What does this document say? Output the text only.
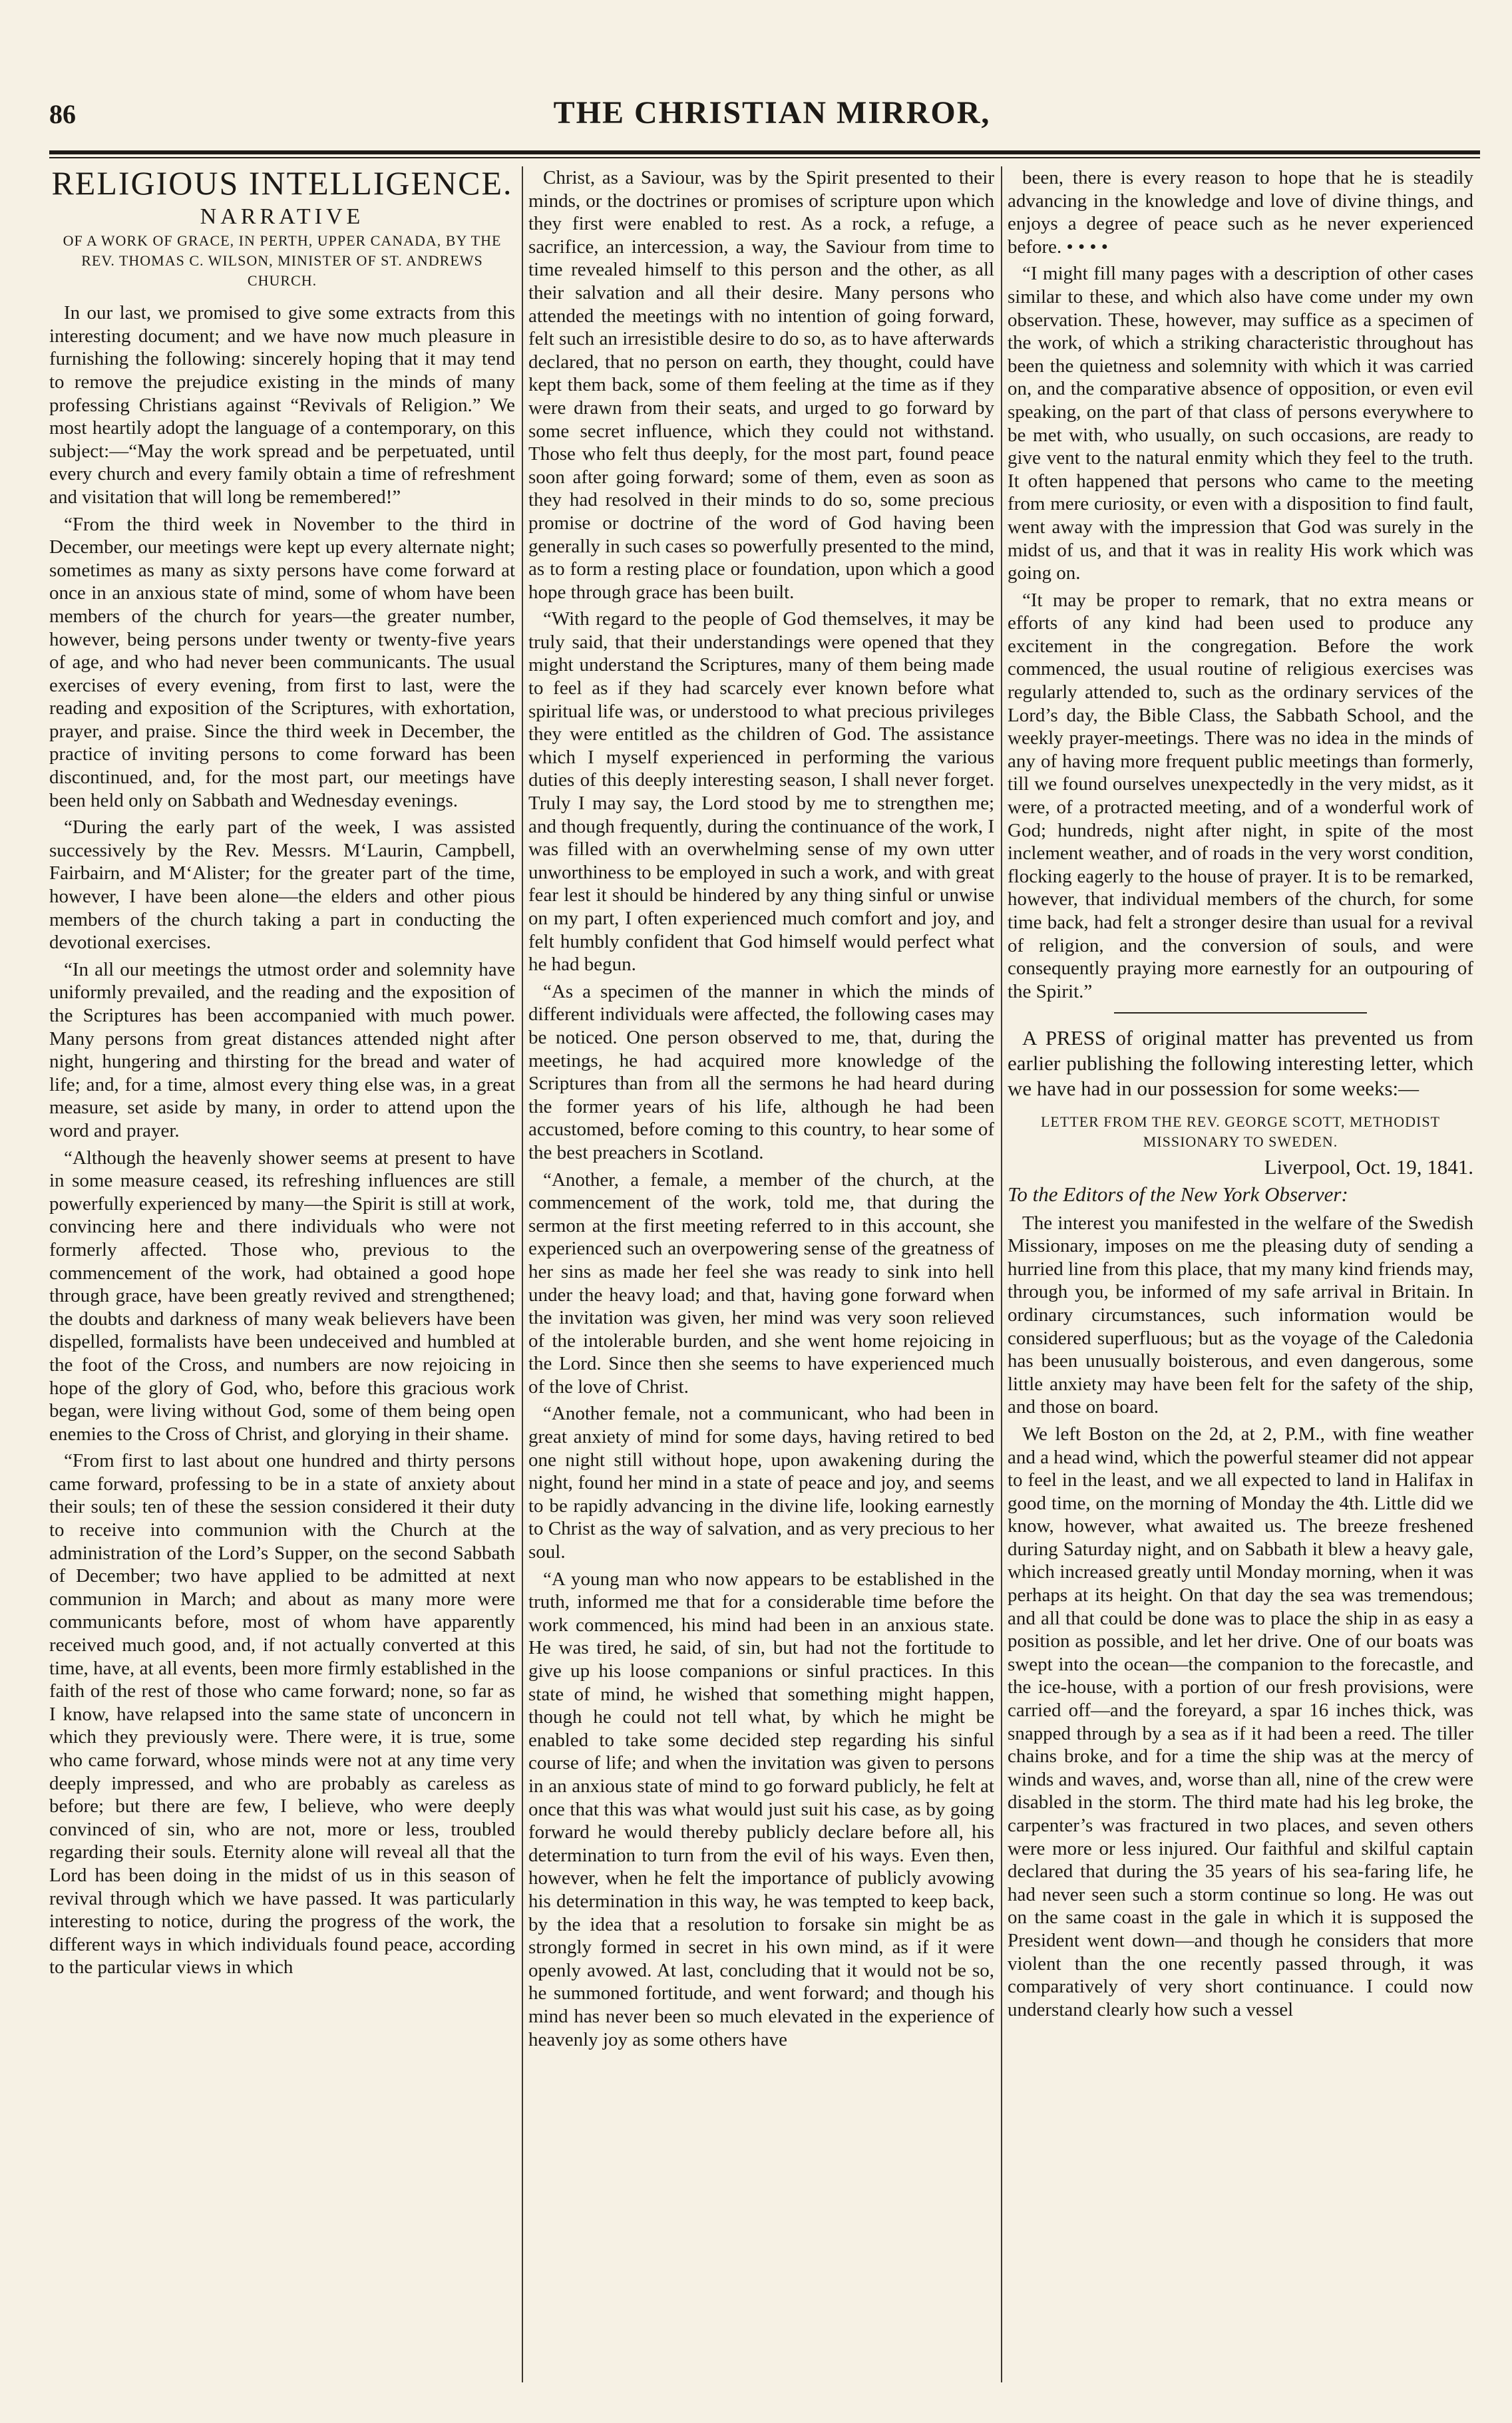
86	THE CHRISTIAN MIRROR,
RELIGIOUS INTELLIGENCE.
NARRATIVE
OF A WORK OF GRACE, IN PERTH, UPPER CANADA, BY THE REV. THOMAS C. WILSON, MINISTER OF ST. ANDREWS CHURCH.

In our last, we promised to give some extracts from this interesting document; and we have now much pleasure in furnishing the following: sincerely hoping that it may tend to remove the prejudice existing in the minds of many professing Christians against “Revivals of Religion.” We most heartily adopt the language of a contemporary, on this subject:—“May the work spread and be perpetuated, until every church and every family obtain a time of refreshment and visitation that will long be remembered!”

“From the third week in November to the third in December, our meetings were kept up every alternate night; sometimes as many as sixty persons have come forward at once in an anxious state of mind, some of whom have been members of the church for years—the greater number, however, being persons under twenty or twenty-five years of age, and who had never been communicants. The usual exercises of every evening, from first to last, were the reading and exposition of the Scriptures, with exhortation, prayer, and praise. Since the third week in December, the practice of inviting persons to come forward has been discontinued, and, for the most part, our meetings have been held only on Sabbath and Wednesday evenings.

“During the early part of the week, I was assisted successively by the Rev. Messrs. M‘Laurin, Campbell, Fairbairn, and M‘Alister; for the greater part of the time, however, I have been alone—the elders and other pious members of the church taking a part in conducting the devotional exercises.

“In all our meetings the utmost order and solemnity have uniformly prevailed, and the reading and the exposition of the Scriptures has been accompanied with much power. Many persons from great distances attended night after night, hungering and thirsting for the bread and water of life; and, for a time, almost every thing else was, in a great measure, set aside by many, in order to attend upon the word and prayer.

“Although the heavenly shower seems at present to have in some measure ceased, its refreshing influences are still powerfully experienced by many—the Spirit is still at work, convincing here and there individuals who were not formerly affected. Those who, previous to the commencement of the work, had obtained a good hope through grace, have been greatly revived and strengthened; the doubts and darkness of many weak believers have been dispelled, formalists have been undeceived and humbled at the foot of the Cross, and numbers are now rejoicing in hope of the glory of God, who, before this gracious work began, were living without God, some of them being open enemies to the Cross of Christ, and glorying in their shame.

“From first to last about one hundred and thirty persons came forward, professing to be in a state of anxiety about their souls; ten of these the session considered it their duty to receive into communion with the Church at the administration of the Lord’s Supper, on the second Sabbath of December; two have applied to be admitted at next communion in March; and about as many more were communicants before, most of whom have apparently received much good, and, if not actually converted at this time, have, at all events, been more firmly established in the faith of the rest of those who came forward; none, so far as I know, have relapsed into the same state of unconcern in which they previously were. There were, it is true, some who came forward, whose minds were not at any time very deeply impressed, and who are probably as careless as before; but there are few, I believe, who were deeply convinced of sin, who are not, more or less, troubled regarding their souls. Eternity alone will reveal all that the Lord has been doing in the midst of us in this season of revival through which we have passed. It was particularly interesting to notice, during the progress of the work, the different ways in which individuals found peace, according to the particular views in which

Christ, as a Saviour, was by the Spirit presented to their minds, or the doctrines or promises of scripture upon which they first were enabled to rest. As a rock, a refuge, a sacrifice, an intercession, a way, the Saviour from time to time revealed himself to this person and the other, as all their salvation and all their desire. Many persons who attended the meetings with no intention of going forward, felt such an irresistible desire to do so, as to have afterwards declared, that no person on earth, they thought, could have kept them back, some of them feeling at the time as if they were drawn from their seats, and urged to go forward by some secret influence, which they could not withstand. Those who felt thus deeply, for the most part, found peace soon after going forward; some of them, even as soon as they had resolved in their minds to do so, some precious promise or doctrine of the word of God having been generally in such cases so powerfully presented to the mind, as to form a resting place or foundation, upon which a good hope through grace has been built.

“With regard to the people of God themselves, it may be truly said, that their understandings were opened that they might understand the Scriptures, many of them being made to feel as if they had scarcely ever known before what spiritual life was, or understood to what precious privileges they were entitled as the children of God. The assistance which I myself experienced in performing the various duties of this deeply interesting season, I shall never forget. Truly I may say, the Lord stood by me to strengthen me; and though frequently, during the continuance of the work, I was filled with an overwhelming sense of my own utter unworthiness to be employed in such a work, and with great fear lest it should be hindered by any thing sinful or unwise on my part, I often experienced much comfort and joy, and felt humbly confident that God himself would perfect what he had begun.

“As a specimen of the manner in which the minds of different individuals were affected, the following cases may be noticed. One person observed to me, that, during the meetings, he had acquired more knowledge of the Scriptures than from all the sermons he had heard during the former years of his life, although he had been accustomed, before coming to this country, to hear some of the best preachers in Scotland.

“Another, a female, a member of the church, at the commencement of the work, told me, that during the sermon at the first meeting referred to in this account, she experienced such an overpowering sense of the greatness of her sins as made her feel she was ready to sink into hell under the heavy load; and that, having gone forward when the invitation was given, her mind was very soon relieved of the intolerable burden, and she went home rejoicing in the Lord. Since then she seems to have experienced much of the love of Christ.

“Another female, not a communicant, who had been in great anxiety of mind for some days, having retired to bed one night still without hope, upon awakening during the night, found her mind in a state of peace and joy, and seems to be rapidly advancing in the divine life, looking earnestly to Christ as the way of salvation, and as very precious to her soul.

“A young man who now appears to be established in the truth, informed me that for a considerable time before the work commenced, his mind had been in an anxious state. He was tired, he said, of sin, but had not the fortitude to give up his loose companions or sinful practices. In this state of mind, he wished that something might happen, though he could not tell what, by which he might be enabled to take some decided step regarding his sinful course of life; and when the invitation was given to persons in an anxious state of mind to go forward publicly, he felt at once that this was what would just suit his case, as by going forward he would thereby publicly declare before all, his determination to turn from the evil of his ways. Even then, however, when he felt the importance of publicly avowing his determination in this way, he was tempted to keep back, by the idea that a resolution to forsake sin might be as strongly formed in secret in his own mind, as if it were openly avowed. At last, concluding that it would not be so, he summoned fortitude, and went forward; and though his mind has never been so much elevated in the experience of heavenly joy as some others have

been, there is every reason to hope that he is steadily advancing in the knowledge and love of divine things, and enjoys a degree of peace such as he never experienced before. • • • •

“I might fill many pages with a description of other cases similar to these, and which also have come under my own observation. These, however, may suffice as a specimen of the work, of which a striking characteristic throughout has been the quietness and solemnity with which it was carried on, and the comparative absence of opposition, or even evil speaking, on the part of that class of persons everywhere to be met with, who usually, on such occasions, are ready to give vent to the natural enmity which they feel to the truth. It often happened that persons who came to the meeting from mere curiosity, or even with a disposition to find fault, went away with the impression that God was surely in the midst of us, and that it was in reality His work which was going on.

“It may be proper to remark, that no extra means or efforts of any kind had been used to produce any excitement in the congregation. Before the work commenced, the usual routine of religious exercises was regularly attended to, such as the ordinary services of the Lord’s day, the Bible Class, the Sabbath School, and the weekly prayer-meetings. There was no idea in the minds of any of having more frequent public meetings than formerly, till we found ourselves unexpectedly in the very midst, as it were, of a protracted meeting, and of a wonderful work of God; hundreds, night after night, in spite of the most inclement weather, and of roads in the very worst condition, flocking eagerly to the house of prayer. It is to be remarked, however, that individual members of the church, for some time back, had felt a stronger desire than usual for a revival of religion, and the conversion of souls, and were consequently praying more earnestly for an outpouring of the Spirit.”

A PRESS of original matter has prevented us from earlier publishing the following interesting letter, which we have had in our possession for some weeks:—

LETTER FROM THE REV. GEORGE SCOTT, METHODIST MISSIONARY TO SWEDEN.
Liverpool, Oct. 19, 1841.

To the Editors of the New York Observer:

The interest you manifested in the welfare of the Swedish Missionary, imposes on me the pleasing duty of sending a hurried line from this place, that my many kind friends may, through you, be informed of my safe arrival in Britain. In ordinary circumstances, such information would be considered superfluous; but as the voyage of the Caledonia has been unusually boisterous, and even dangerous, some little anxiety may have been felt for the safety of the ship, and those on board.

We left Boston on the 2d, at 2, P.M., with fine weather and a head wind, which the powerful steamer did not appear to feel in the least, and we all expected to land in Halifax in good time, on the morning of Monday the 4th. Little did we know, however, what awaited us. The breeze freshened during Saturday night, and on Sabbath it blew a heavy gale, which increased greatly until Monday morning, when it was perhaps at its height. On that day the sea was tremendous; and all that could be done was to place the ship in as easy a position as possible, and let her drive. One of our boats was swept into the ocean—the companion to the forecastle, and the ice-house, with a portion of our fresh provisions, were carried off—and the foreyard, a spar 16 inches thick, was snapped through by a sea as if it had been a reed. The tiller chains broke, and for a time the ship was at the mercy of winds and waves, and, worse than all, nine of the crew were disabled in the storm. The third mate had his leg broke, the carpenter’s was fractured in two places, and seven others were more or less injured. Our faithful and skilful captain declared that during the 35 years of his sea-faring life, he had never seen such a storm continue so long. He was out on the same coast in the gale in which it is supposed the President went down—and though he considers that more violent than the one recently passed through, it was comparatively of very short continuance. I could now understand clearly how such a vessel
